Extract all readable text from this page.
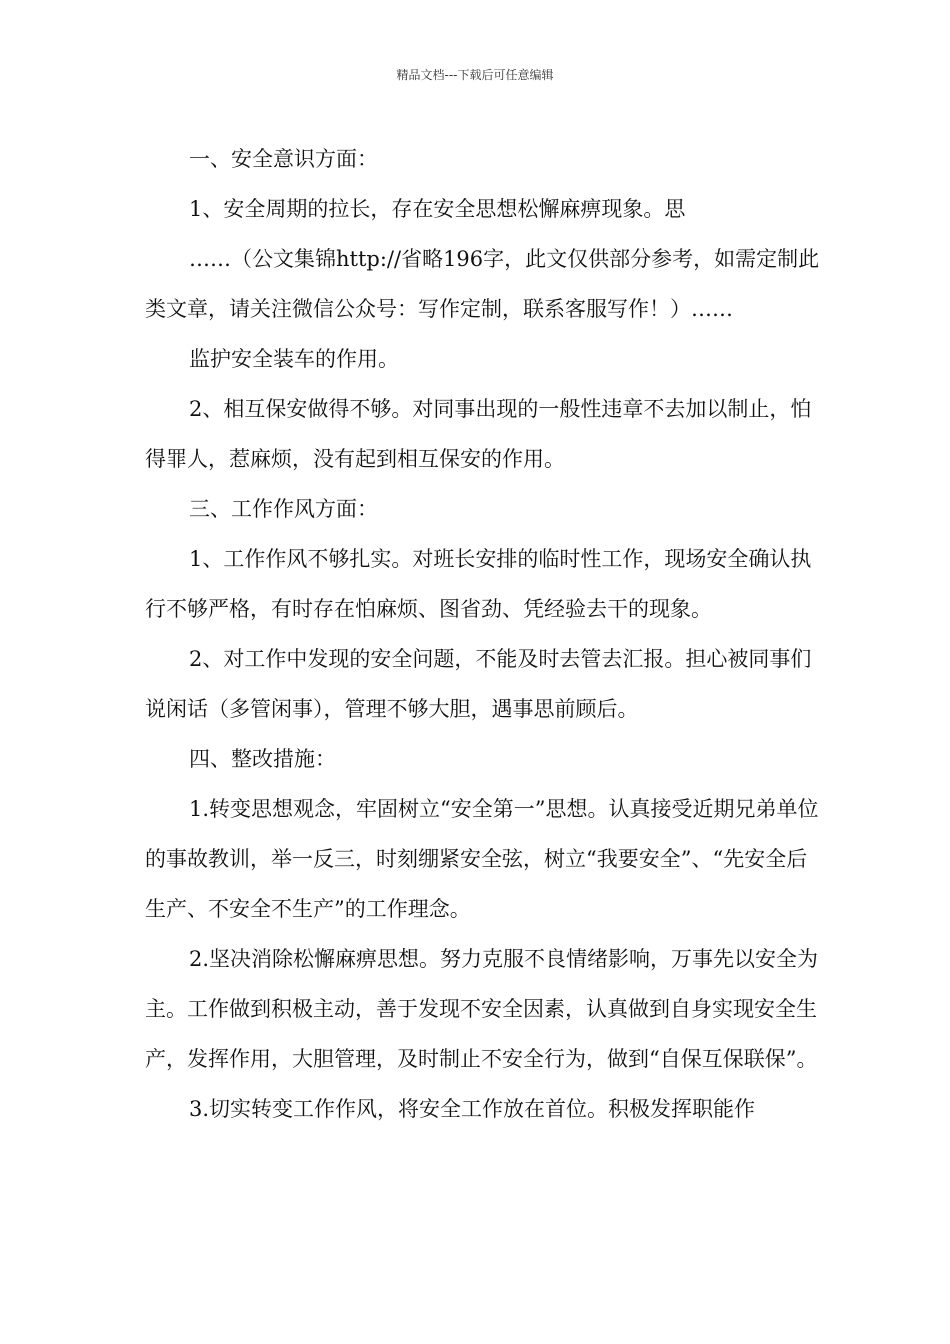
精品文档---下载后可任意编辑

一、安全意识方面：

1、安全周期的拉长，存在安全思想松懈麻痹现象。思

……（公文集锦http://省略196字，此文仅供部分参考，如需定制此类文章，请关注微信公众号：写作定制，联系客服写作！）……

监护安全装车的作用。

2、相互保安做得不够。对同事出现的一般性违章不去加以制止，怕得罪人，惹麻烦，没有起到相互保安的作用。

三、工作作风方面：

1、工作作风不够扎实。对班长安排的临时性工作，现场安全确认执行不够严格，有时存在怕麻烦、图省劲、凭经验去干的现象。

2、对工作中发现的安全问题，不能及时去管去汇报。担心被同事们说闲话（多管闲事），管理不够大胆，遇事思前顾后。

四、整改措施：

1.转变思想观念，牢固树立“安全第一”思想。认真接受近期兄弟单位的事故教训，举一反三，时刻绷紧安全弦，树立“我要安全”、“先安全后生产、不安全不生产”的工作理念。

2.坚决消除松懈麻痹思想。努力克服不良情绪影响，万事先以安全为主。工作做到积极主动，善于发现不安全因素，认真做到自身实现安全生产，发挥作用，大胆管理，及时制止不安全行为，做到“自保互保联保”。

3.切实转变工作作风，将安全工作放在首位。积极发挥职能作
